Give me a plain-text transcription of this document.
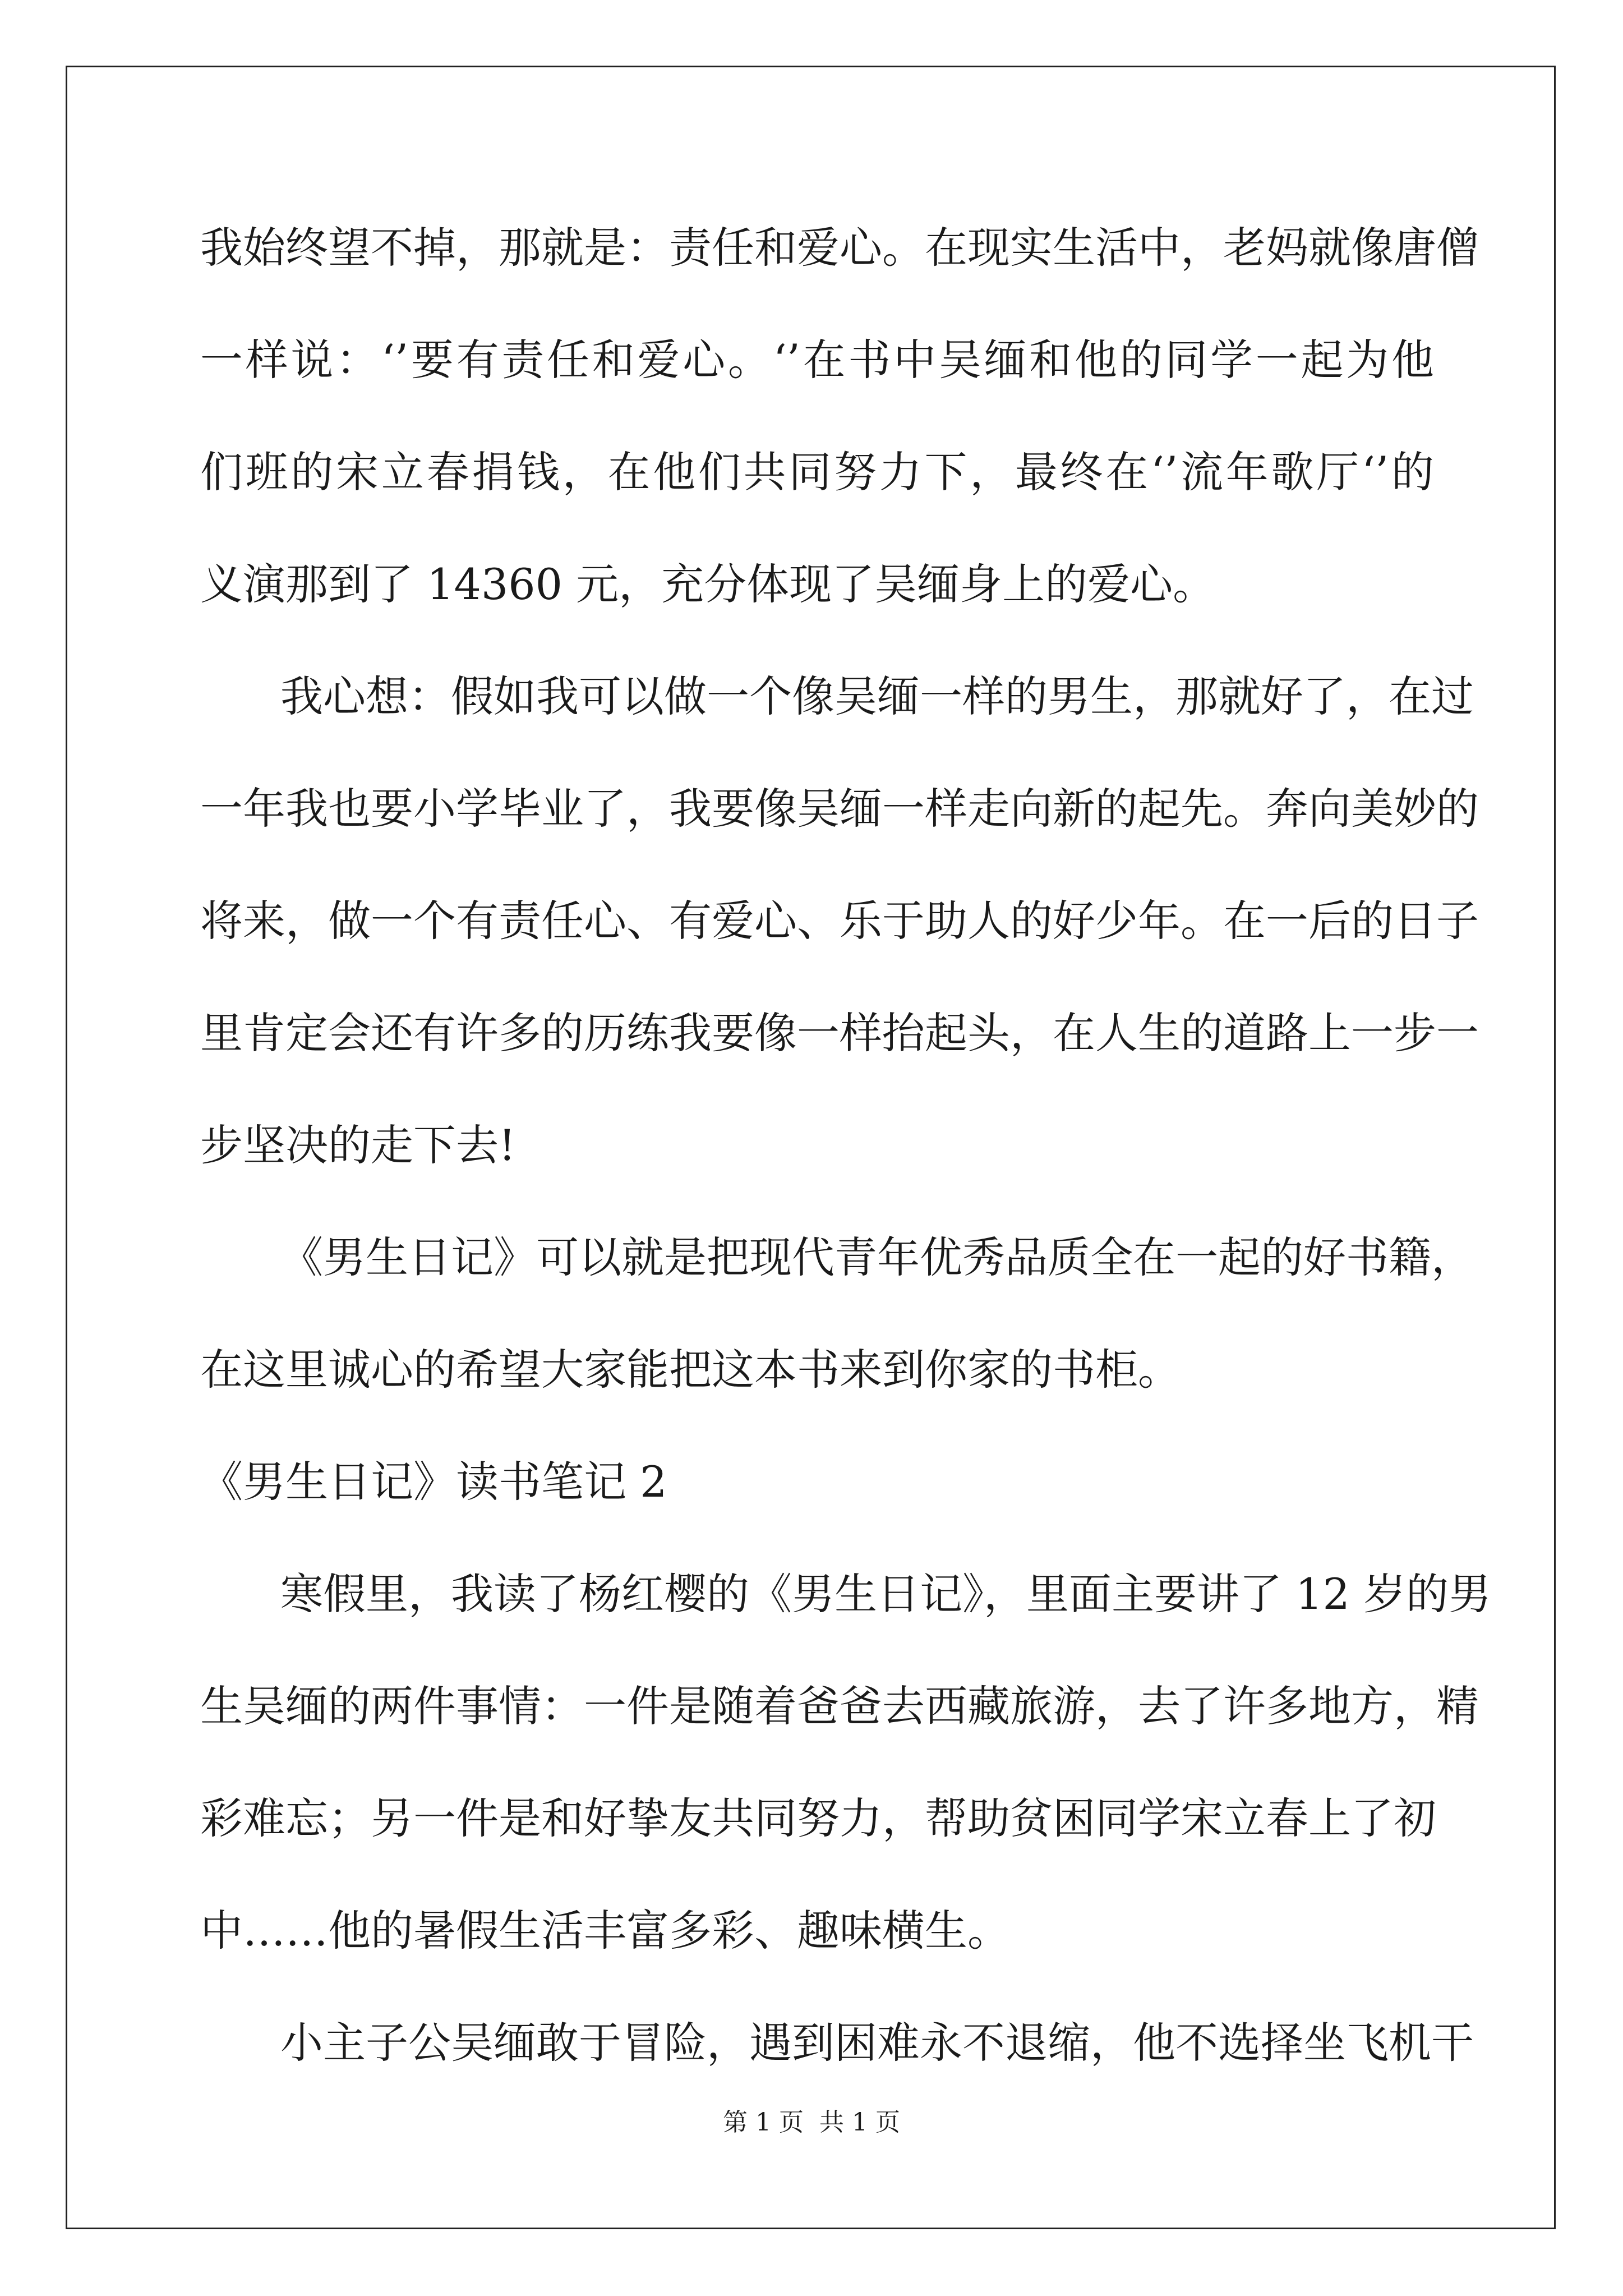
我始终望不掉，那就是：责任和爱心。在现实生活中，老妈就像唐僧
一样说：‘’要有责任和爱心。‘’在书中吴缅和他的同学一起为他
们班的宋立春捐钱，在他们共同努力下，最终在‘’流年歌厅‘’的
义演那到了 14360 元，充分体现了吴缅身上的爱心。
我心想：假如我可以做一个像吴缅一样的男生，那就好了，在过
一年我也要小学毕业了，我要像吴缅一样走向新的起先。奔向美妙的
将来，做一个有责任心、有爱心、乐于助人的好少年。在一后的日子
里肯定会还有许多的历练我要像一样抬起头，在人生的道路上一步一
步坚决的走下去!
《男生日记》可以就是把现代青年优秀品质全在一起的好书籍，
在这里诚心的希望大家能把这本书来到你家的书柜。
《男生日记》读书笔记 2
寒假里，我读了杨红樱的《男生日记》，里面主要讲了 12 岁的男
生吴缅的两件事情：一件是随着爸爸去西藏旅游，去了许多地方，精
彩难忘；另一件是和好挚友共同努力，帮助贫困同学宋立春上了初
中……他的暑假生活丰富多彩、趣味横生。
小主子公吴缅敢于冒险，遇到困难永不退缩，他不选择坐飞机干
第 1 页 共 1 页
